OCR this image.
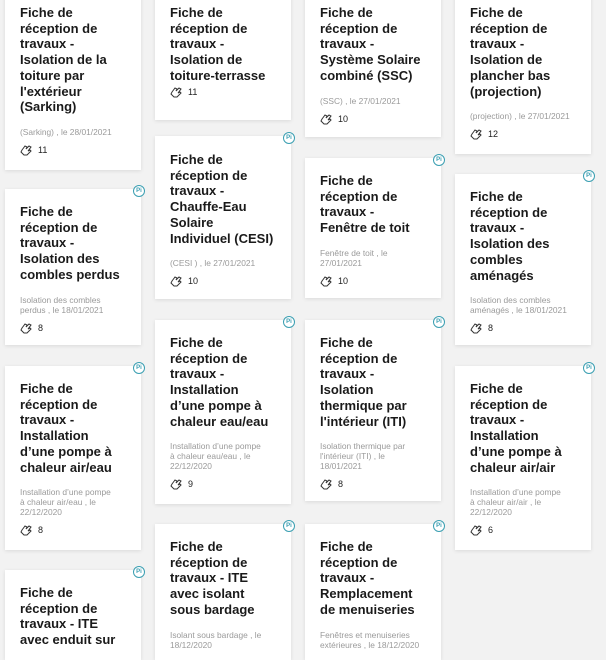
Fiche de
réception de
travaux -
Isolation de la
toiture par
l'extérieur
(Sarking)

(Sarking) , le 28/01/2021
11
Pi

Fiche de
réception de
travaux -
Isolation des
combles perdus

Isolation des combles
perdus , le 18/01/2021
8
Pi

Fiche de
réception de
travaux -
Installation
d’une pompe à
chaleur air/eau

Installation d’une pompe
à chaleur air/eau , le
22/12/2020
8
Pi

Fiche de
réception de
travaux - ITE
avec enduit sur

Fiche de
réception de
travaux -
Isolation de
toiture-terrasse

11
Pi

Fiche de
réception de
travaux -
Chauffe-Eau
Solaire
Individuel (CESI)

(CESI ) , le 27/01/2021
10
Pi

Fiche de
réception de
travaux -
Installation
d’une pompe à
chaleur eau/eau

Installation d’une pompe
à chaleur eau/eau , le
22/12/2020
9
Pi

Fiche de
réception de
travaux - ITE
avec isolant
sous bardage

Isolant sous bardage , le
18/12/2020

Fiche de
réception de
travaux -
Système Solaire
combiné (SSC)

(SSC) , le 27/01/2021
10
Pi

Fiche de
réception de
travaux -
Fenêtre de toit

Fenêtre de toit , le
27/01/2021
10
Pi

Fiche de
réception de
travaux -
Isolation
thermique par
l'intérieur (ITI)

Isolation thermique par
l'intérieur (ITI) , le
18/01/2021
8
Pi

Fiche de
réception de
travaux -
Remplacement
de menuiseries

Fenêtres et menuiseries
extérieures , le 18/12/2020

Fiche de
réception de
travaux -
Isolation de
plancher bas
(projection)

(projection) , le 27/01/2021
12
Pi

Fiche de
réception de
travaux -
Isolation des
combles
aménagés

Isolation des combles
aménagés , le 18/01/2021
8
Pi

Fiche de
réception de
travaux -
Installation
d’une pompe à
chaleur air/air

Installation d’une pompe
à chaleur air/air , le
22/12/2020
6
